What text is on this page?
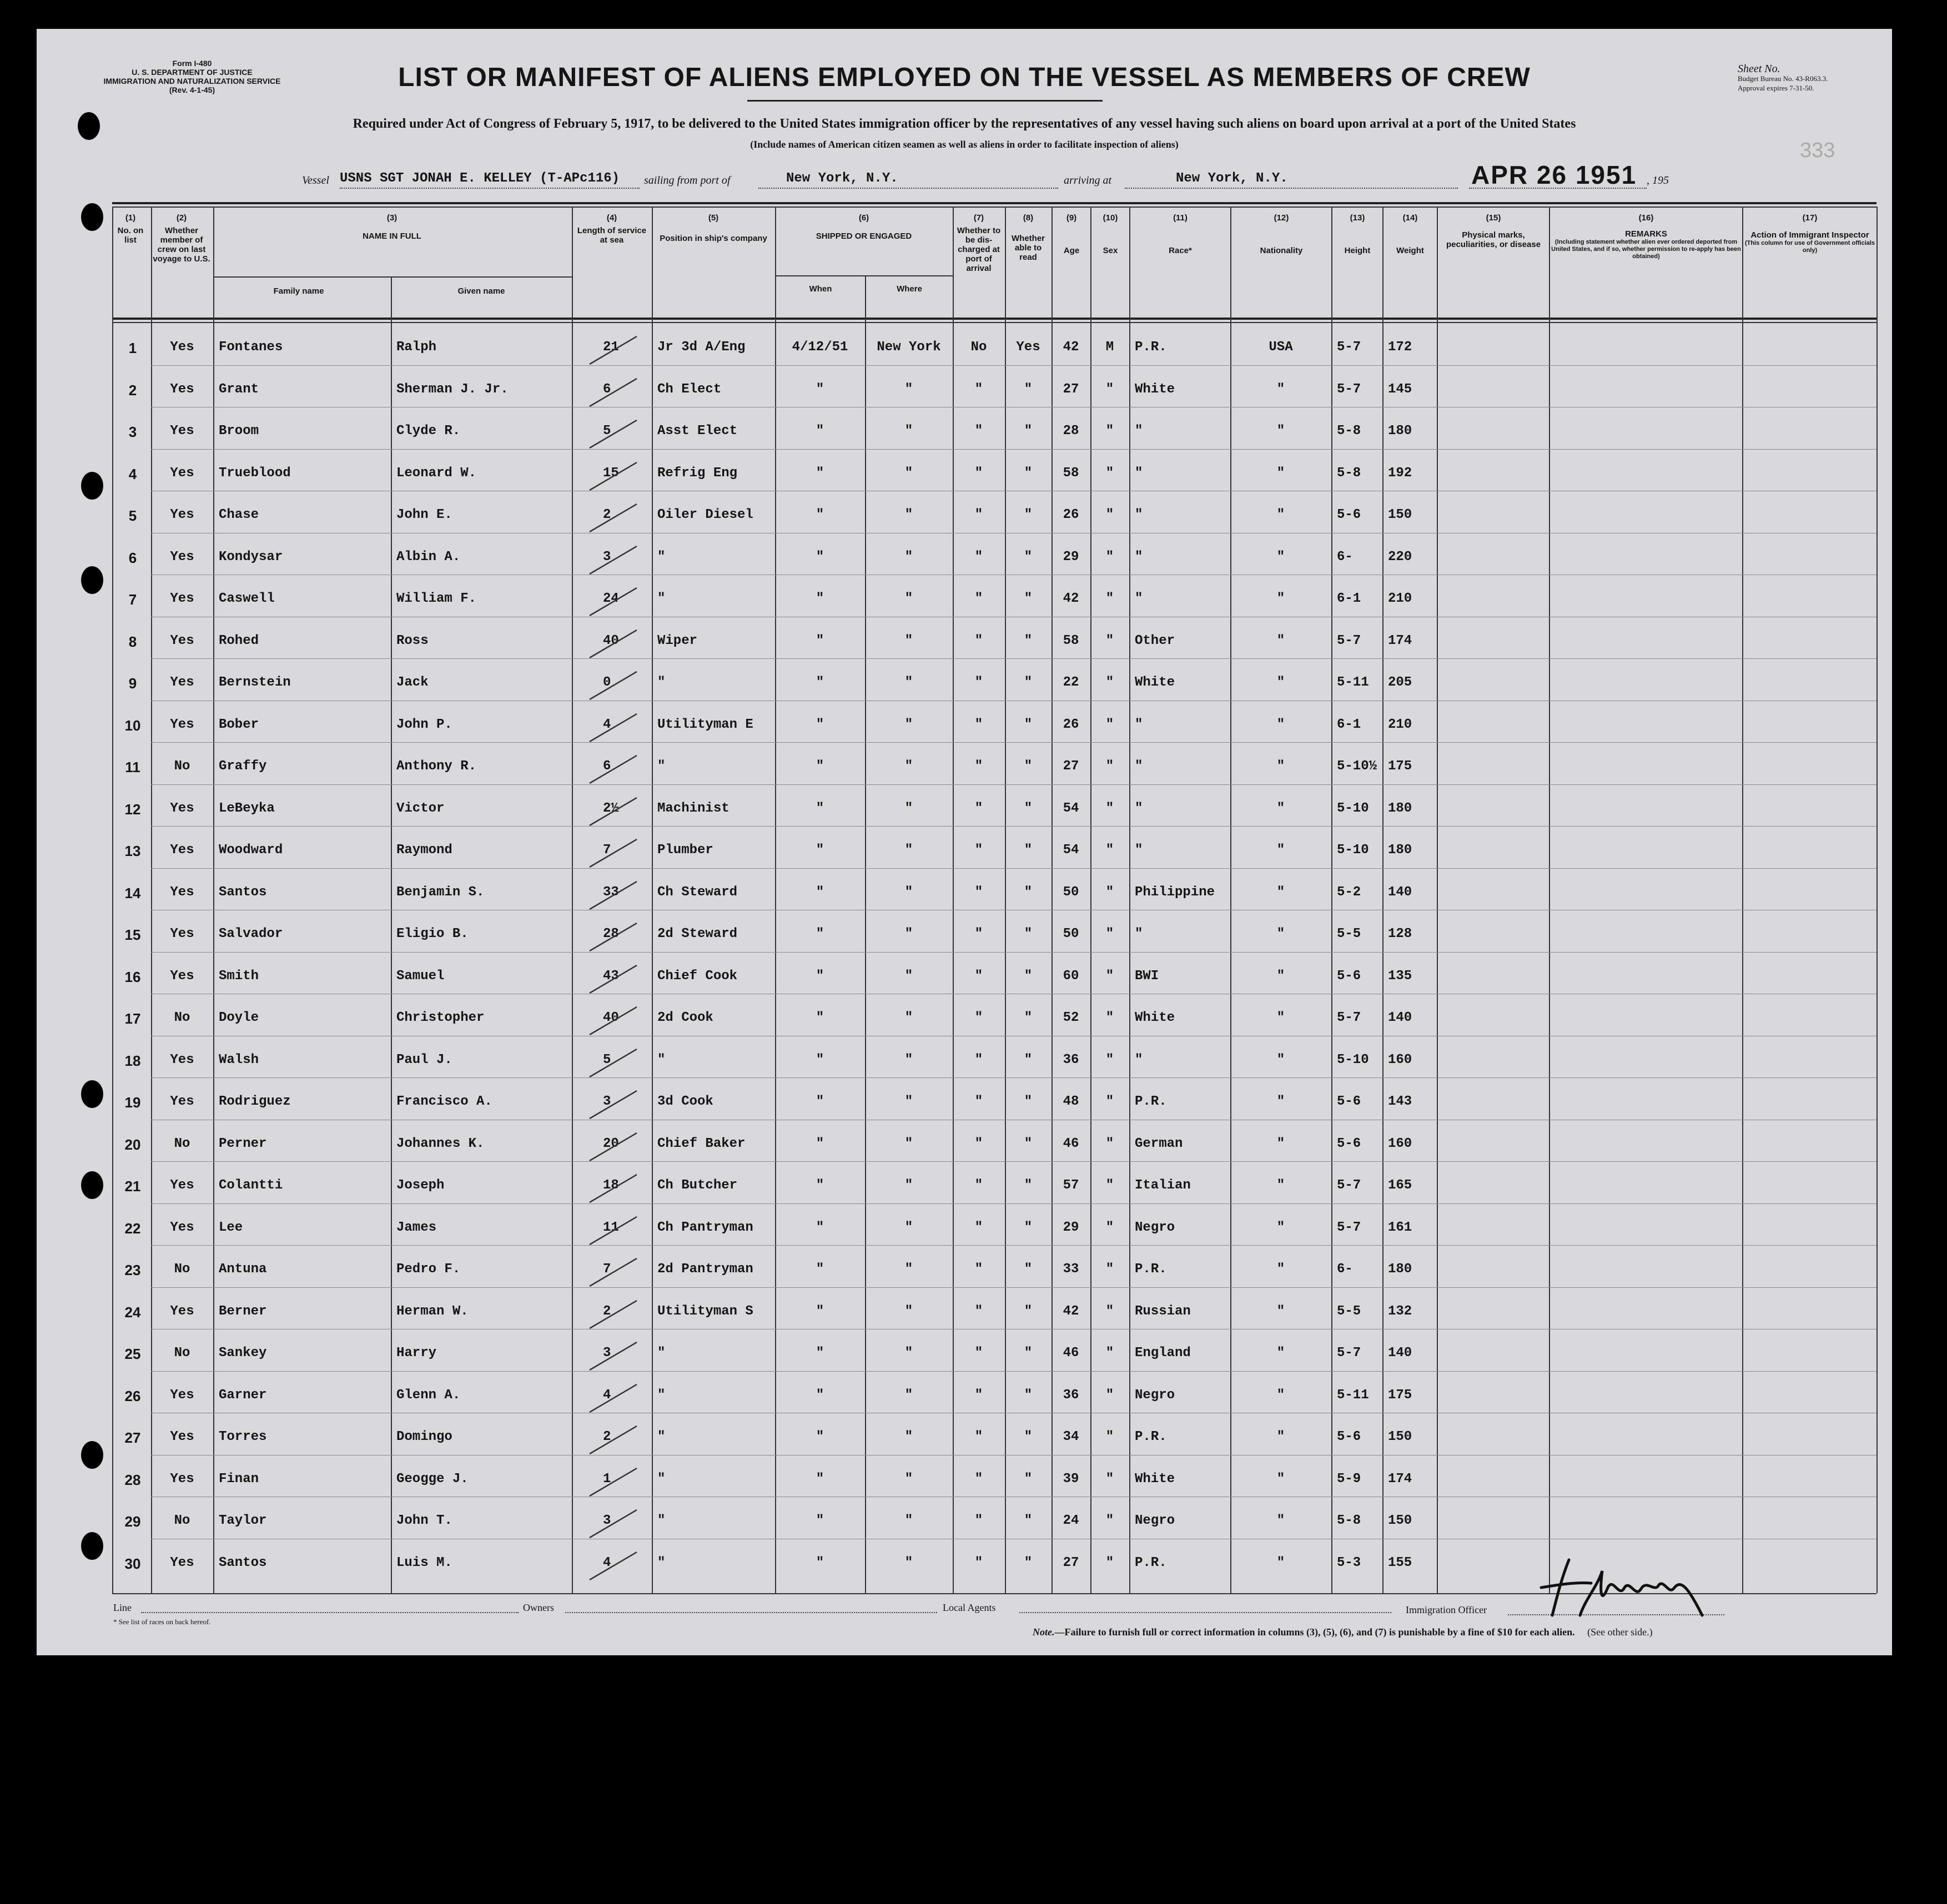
Form I-480
U. S. DEPARTMENT OF JUSTICE
IMMIGRATION AND NATURALIZATION SERVICE
(Rev. 4-1-45)	LIST OR MANIFEST OF ALIENS EMPLOYED ON THE VESSEL AS MEMBERS OF CREW	Sheet No.
Budget Bureau No. 43-R063.3.
Approval expires 7-31-50.
333
Required under Act of Congress of February 5, 1917, to be delivered to the United States immigration officer by the representatives of any vessel having such aliens on board upon arrival at a port of the United States
(Include names of American citizen seamen as well as aliens in order to facilitate inspection of aliens)
Vessel USNS SGT JONAH E. KELLEY (T-APc116) sailing from port of	New York, N.Y.	arriving at	New York, N.Y.	APR 26 1951 , 195
(1)
No. on list
(2)
Whether member of crew on last voyage to U.S.
(3)
NAME IN FULL
Family name	Given name
(4)
Length of service at sea
(5)
Position in ship's company
(6)
SHIPPED OR ENGAGED
When	Where
(7)
Whether to be dis-charged at port of arrival
(8)
Whether able to read
(9)
Age
(10)
Sex
(11)
Race*
(12)
Nationality
(13)
Height
(14)
Weight
(15)
Physical marks, peculiarities, or disease
(16)
REMARKS
(Including statement whether alien ever ordered deported from United States, and if so, whether permission to re-apply has been obtained)
(17)
Action of Immigrant Inspector
(This column for use of Government officials only)
1	Yes	Fontanes	Ralph	21	Jr 3d A/Eng	4/12/51	New York	No	Yes	42	M	P.R.	USA	5-7	172
2	Yes	Grant	Sherman J. Jr.	6	Ch Elect	"	"	"	"	27	"	White	"	5-7	145
3	Yes	Broom	Clyde R.	5	Asst Elect	"	"	"	"	28	"	"	"	5-8	180
4	Yes	Trueblood	Leonard W.	15	Refrig Eng	"	"	"	"	58	"	"	"	5-8	192
5	Yes	Chase	John E.	2	Oiler Diesel	"	"	"	"	26	"	"	"	5-6	150
6	Yes	Kondysar	Albin A.	3	"	"	"	"	"	29	"	"	"	6-	220
7	Yes	Caswell	William F.	24	"	"	"	"	"	42	"	"	"	6-1	210
8	Yes	Rohed	Ross	40	Wiper	"	"	"	"	58	"	Other	"	5-7	174
9	Yes	Bernstein	Jack	0	"	"	"	"	"	22	"	White	"	5-11	205
10	Yes	Bober	John P.	4	Utilityman E	"	"	"	"	26	"	"	"	6-1	210
11	No	Graffy	Anthony R.	6	"	"	"	"	"	27	"	"	"	5-10½ 175
12	Yes	LeBeyka	Victor	2½	Machinist	"	"	"	"	54	"	"	"	5-10	180
13	Yes	Woodward	Raymond	7	Plumber	"	"	"	"	54	"	"	"	5-10	180
14	Yes	Santos	Benjamin S.	33	Ch Steward	"	"	"	"	50	"	Philippine	"	5-2	140
15	Yes	Salvador	Eligio B.	28	2d Steward	"	"	"	"	50	"	"	"	5-5	128
16	Yes	Smith	Samuel	43	Chief Cook	"	"	"	"	60	"	BWI	"	5-6	135
17	No	Doyle	Christopher	40	2d Cook	"	"	"	"	52	"	White	"	5-7	140
18	Yes	Walsh	Paul J.	5	"	"	"	"	"	36	"	"	"	5-10	160
19	Yes	Rodriguez	Francisco A.	3	3d Cook	"	"	"	"	48	"	P.R.	"	5-6	143
20	No	Perner	Johannes K.	20	Chief Baker	"	"	"	"	46	"	German	"	5-6	160
21	Yes	Colantti	Joseph	18	Ch Butcher	"	"	"	"	57	"	Italian	"	5-7	165
22	Yes	Lee	James	11	Ch Pantryman	"	"	"	"	29	"	Negro	"	5-7	161
23	No	Antuna	Pedro F.	7	2d Pantryman	"	"	"	"	33	"	P.R.	"	6-	180
24	Yes	Berner	Herman W.	2	Utilityman S	"	"	"	"	42	"	Russian	"	5-5	132
25	No	Sankey	Harry	3	"	"	"	"	"	46	"	England	"	5-7	140
26	Yes	Garner	Glenn A.	4	"	"	"	"	"	36	"	Negro	"	5-11	175
27	Yes	Torres	Domingo	2	"	"	"	"	"	34	"	P.R.	"	5-6	150
28	Yes	Finan	Geogge J.	1	"	"	"	"	"	39	"	White	"	5-9	174
29	No	Taylor	John T.	3	"	"	"	"	"	24	"	Negro	"	5-8	150
30	Yes	Santos	Luis M.	4	"	"	"	"	"	27	"	P.R.	"	5-3	155
Line	Owners	Local Agents	Immigration Officer
* See list of races on back hereof.
Note.—Failure to furnish full or correct information in columns (3), (5), (6), and (7) is punishable by a fine of $10 for each alien. (See other side.)
